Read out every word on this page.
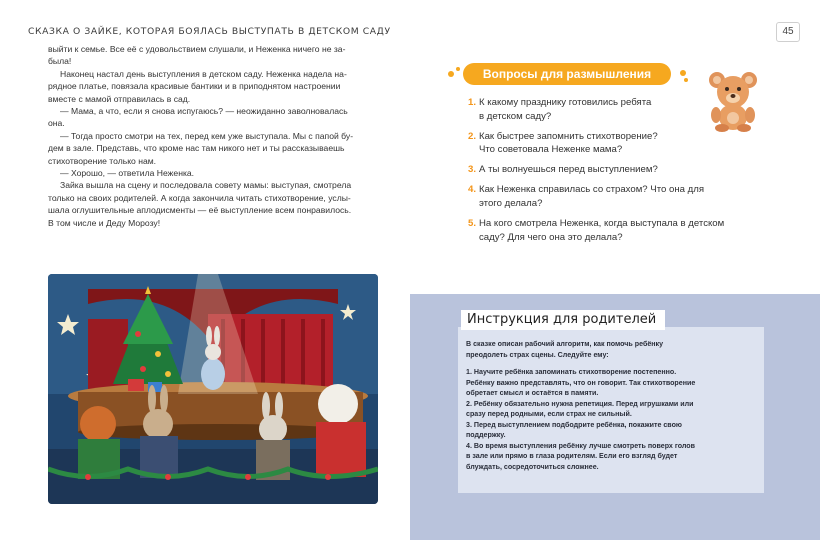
СКАЗКА О ЗАЙКЕ, КОТОРАЯ БОЯЛАСЬ ВЫСТУПАТЬ В ДЕТСКОМ САДУ	45

выйти к семье. Все её с удовольствием слушали, и Неженка ничего не за-

была!

Наконец настал день выступления в детском саду. Неженка надела на-

рядное платье, повязала красивые бантики и в приподнятом настроении

вместе с мамой отправилась в сад.

— Мама, а что, если я снова испугаюсь? — неожиданно заволновалась

она.

— Тогда просто смотри на тех, перед кем уже выступала. Мы с папой бу-

дем в зале. Представь, что кроме нас там никого нет и ты рассказываешь

стихотворение только нам.

— Хорошо, — ответила Неженка.

Зайка вышла на сцену и последовала совету мамы: выступая, смотрела

только на своих родителей. А когда закончила читать стихотворение, услы-

шала оглушительные аплодисменты — её выступление всем понравилось.

В том числе и Деду Морозу!

Вопросы для размышления
1. К какому празднику готовились ребята
в детском саду?
2. Как быстрее запомнить стихотворение?
Что советовала Неженке мама?
3. А ты волнуешься перед выступлением?
4. Как Неженка справилась со страхом? Что она для
этого делала?
5. На кого смотрела Неженка, когда выступала в детском
саду? Для чего она это делала?
Инструкция для родителей

В сказке описан рабочий алгоритм, как помочь ребёнку

преодолеть страх сцены. Следуйте ему:

1. Научите ребёнка запоминать стихотворение постепенно.

Ребёнку важно представлять, что он говорит. Так стихотворение

обретает смысл и остаётся в памяти.

2. Ребёнку обязательно нужна репетиция. Перед игрушками или

сразу перед родными, если страх не сильный.

3. Перед выступлением подбодрите ребёнка, покажите свою

поддержку.

4. Во время выступления ребёнку лучше смотреть поверх голов

в зале или прямо в глаза родителям. Если его взгляд будет

блуждать, сосредоточиться сложнее.
